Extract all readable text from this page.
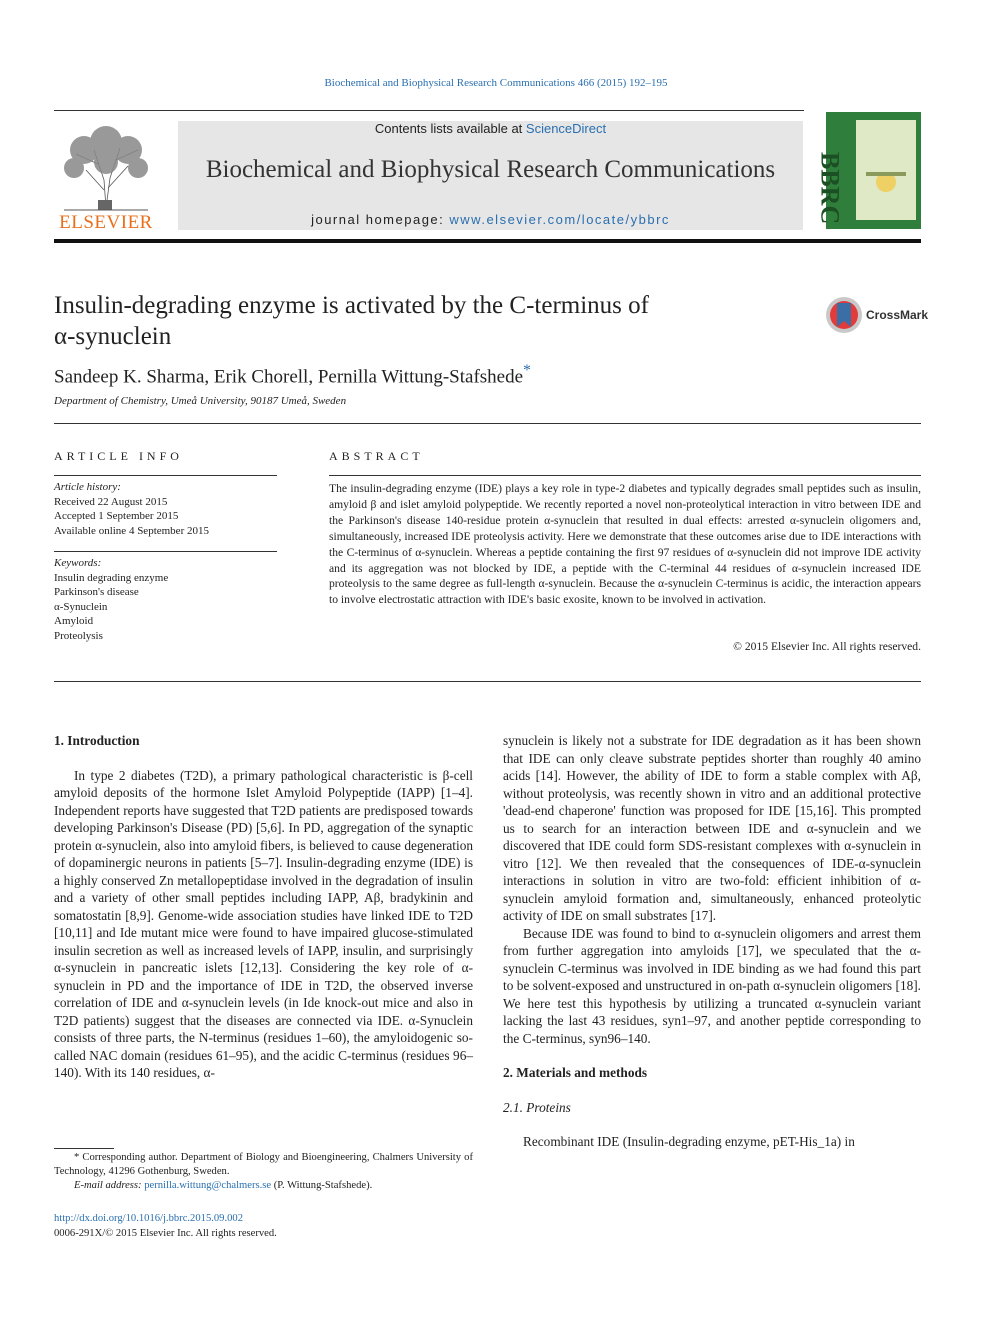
Biochemical and Biophysical Research Communications 466 (2015) 192–195
ELSEVIER
Contents lists available at ScienceDirect
Biochemical and Biophysical Research Communications
journal homepage: www.elsevier.com/locate/ybbrc	BBRC
Insulin-degrading enzyme is activated by the C-terminus of
α-synuclein
CrossMark
Sandeep K. Sharma, Erik Chorell, Pernilla Wittung-Stafshede*
Department of Chemistry, Umeå University, 90187 Umeå, Sweden
ARTICLE INFO	ABSTRACT
Article history:
Received 22 August 2015
Accepted 1 September 2015
Available online 4 September 2015
Keywords:
Insulin degrading enzyme
Parkinson's disease
α-Synuclein
Amyloid
Proteolysis
The insulin-degrading enzyme (IDE) plays a key role in type-2 diabetes and typically degrades small peptides such as insulin, amyloid β and islet amyloid polypeptide. We recently reported a novel non-proteolytical interaction in vitro between IDE and the Parkinson's disease 140-residue protein α-synuclein that resulted in dual effects: arrested α-synuclein oligomers and, simultaneously, increased IDE proteolysis activity. Here we demonstrate that these outcomes arise due to IDE interactions with the C-terminus of α-synuclein. Whereas a peptide containing the first 97 residues of α-synuclein did not improve IDE activity and its aggregation was not blocked by IDE, a peptide with the C-terminal 44 residues of α-synuclein increased IDE proteolysis to the same degree as full-length α-synuclein. Because the α-synuclein C-terminus is acidic, the interaction appears to involve electrostatic attraction with IDE's basic exosite, known to be involved in activation.
© 2015 Elsevier Inc. All rights reserved.
1. Introduction

In type 2 diabetes (T2D), a primary pathological characteristic is β-cell amyloid deposits of the hormone Islet Amyloid Polypeptide (IAPP) [1–4]. Independent reports have suggested that T2D patients are predisposed towards developing Parkinson's Disease (PD) [5,6]. In PD, aggregation of the synaptic protein α-synuclein, also into amyloid fibers, is believed to cause degeneration of dopaminergic neurons in patients [5–7]. Insulin-degrading enzyme (IDE) is a highly conserved Zn metallopeptidase involved in the degradation of insulin and a variety of other small peptides including IAPP, Aβ, bradykinin and somatostatin [8,9]. Genome-wide association studies have linked IDE to T2D [10,11] and Ide mutant mice were found to have impaired glucose-stimulated insulin secretion as well as increased levels of IAPP, insulin, and surprisingly α-synuclein in pancreatic islets [12,13]. Considering the key role of α-synuclein in PD and the importance of IDE in T2D, the observed inverse correlation of IDE and α-synuclein levels (in Ide knock-out mice and also in T2D patients) suggest that the diseases are connected via IDE. α-Synuclein consists of three parts, the N-terminus (residues 1–60), the amyloidogenic so-called NAC domain (residues 61–95), and the acidic C-terminus (residues 96–140). With its 140 residues, α-

synuclein is likely not a substrate for IDE degradation as it has been shown that IDE can only cleave substrate peptides shorter than roughly 40 amino acids [14]. However, the ability of IDE to form a stable complex with Aβ, without proteolysis, was recently shown in vitro and an additional protective 'dead-end chaperone' function was proposed for IDE [15,16]. This prompted us to search for an interaction between IDE and α-synuclein and we discovered that IDE could form SDS-resistant complexes with α-synuclein in vitro [12]. We then revealed that the consequences of IDE-α-synuclein interactions in solution in vitro are two-fold: efficient inhibition of α-synuclein amyloid formation and, simultaneously, enhanced proteolytic activity of IDE on small substrates [17].

Because IDE was found to bind to α-synuclein oligomers and arrest them from further aggregation into amyloids [17], we speculated that the α-synuclein C-terminus was involved in IDE binding as we had found this part to be solvent-exposed and unstructured in on-path α-synuclein oligomers [18]. We here test this hypothesis by utilizing a truncated α-synuclein variant lacking the last 43 residues, syn1–97, and another peptide corresponding to the C-terminus, syn96–140.

2. Materials and methods
2.1. Proteins

Recombinant IDE (Insulin-degrading enzyme, pET-His_1a) in

* Corresponding author. Department of Biology and Bioengineering, Chalmers University of Technology, 41296 Gothenburg, Sweden.
E-mail address: pernilla.wittung@chalmers.se (P. Wittung-Stafshede).
http://dx.doi.org/10.1016/j.bbrc.2015.09.002
0006-291X/© 2015 Elsevier Inc. All rights reserved.
